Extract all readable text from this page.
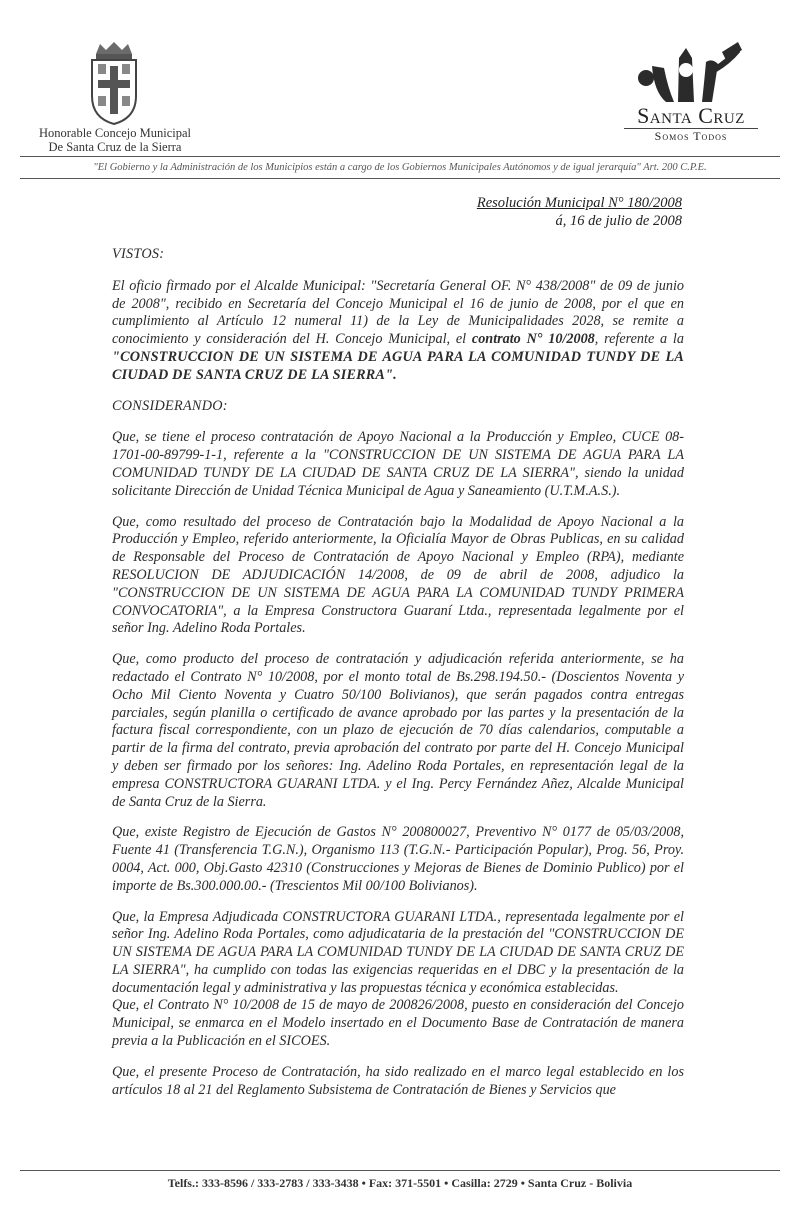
Honorable Concejo Municipal
De Santa Cruz de la Sierra
Santa Cruz
Somos Todos
"El Gobierno y la Administración de los Municipios están a cargo de los Gobiernos Municipales Autónomos y de igual jerarquía" Art. 200 C.P.E.
Resolución Municipal N° 180/2008
á, 16 de julio de 2008
VISTOS:

El oficio firmado por el Alcalde Municipal: "Secretaría General OF. N° 438/2008" de 09 de junio de 2008", recibido en Secretaría del Concejo Municipal el 16 de junio de 2008, por el que en cumplimiento al Artículo 12 numeral 11) de la Ley de Municipalidades 2028, se remite a conocimiento y consideración del H. Concejo Municipal, el contrato N° 10/2008, referente a la "CONSTRUCCION DE UN SISTEMA DE AGUA PARA LA COMUNIDAD TUNDY DE LA CIUDAD DE SANTA CRUZ DE LA SIERRA".

CONSIDERANDO:

Que, se tiene el proceso contratación de Apoyo Nacional a la Producción y Empleo, CUCE 08-1701-00-89799-1-1, referente a la "CONSTRUCCION DE UN SISTEMA DE AGUA PARA LA COMUNIDAD TUNDY DE LA CIUDAD DE SANTA CRUZ DE LA SIERRA", siendo la unidad solicitante Dirección de Unidad Técnica Municipal de Agua y Saneamiento (U.T.M.A.S.).

Que, como resultado del proceso de Contratación bajo la Modalidad de Apoyo Nacional a la Producción y Empleo, referido anteriormente, la Oficialía Mayor de Obras Publicas, en su calidad de Responsable del Proceso de Contratación de Apoyo Nacional y Empleo (RPA), mediante RESOLUCION DE ADJUDICACIÓN 14/2008, de 09 de abril de 2008, adjudico la "CONSTRUCCION DE UN SISTEMA DE AGUA PARA LA COMUNIDAD TUNDY PRIMERA CONVOCATORIA", a la Empresa Constructora Guaraní Ltda., representada legalmente por el señor Ing. Adelino Roda Portales.

Que, como producto del proceso de contratación y adjudicación referida anteriormente, se ha redactado el Contrato N° 10/2008, por el monto total de Bs.298.194.50.- (Doscientos Noventa y Ocho Mil Ciento Noventa y Cuatro 50/100 Bolivianos), que serán pagados contra entregas parciales, según planilla o certificado de avance aprobado por las partes y la presentación de la factura fiscal correspondiente, con un plazo de ejecución de 70 días calendarios, computable a partir de la firma del contrato, previa aprobación del contrato por parte del H. Concejo Municipal y deben ser firmado por los señores: Ing. Adelino Roda Portales, en representación legal de la empresa CONSTRUCTORA GUARANI LTDA. y el Ing. Percy Fernández Añez, Alcalde Municipal de Santa Cruz de la Sierra.

Que, existe Registro de Ejecución de Gastos N° 200800027, Preventivo N° 0177 de 05/03/2008, Fuente 41 (Transferencia T.G.N.), Organismo 113 (T.G.N.- Participación Popular), Prog. 56, Proy. 0004, Act. 000, Obj.Gasto 42310 (Construcciones y Mejoras de Bienes de Dominio Publico) por el importe de Bs.300.000.00.- (Trescientos Mil 00/100 Bolivianos).

Que, la Empresa Adjudicada CONSTRUCTORA GUARANI LTDA., representada legalmente por el señor Ing. Adelino Roda Portales, como adjudicataria de la prestación del "CONSTRUCCION DE UN SISTEMA DE AGUA PARA LA COMUNIDAD TUNDY DE LA CIUDAD DE SANTA CRUZ DE LA SIERRA", ha cumplido con todas las exigencias requeridas en el DBC y la presentación de la documentación legal y administrativa y las propuestas técnica y económica establecidas.

Que, el Contrato N° 10/2008 de 15 de mayo de 200826/2008, puesto en consideración del Concejo Municipal, se enmarca en el Modelo insertado en el Documento Base de Contratación de manera previa a la Publicación en el SICOES.

Que, el presente Proceso de Contratación, ha sido realizado en el marco legal establecido en los artículos 18 al 21 del Reglamento Subsistema de Contratación de Bienes y Servicios que

Telfs.: 333-8596 / 333-2783 / 333-3438 • Fax: 371-5501 • Casilla: 2729 • Santa Cruz - Bolivia
